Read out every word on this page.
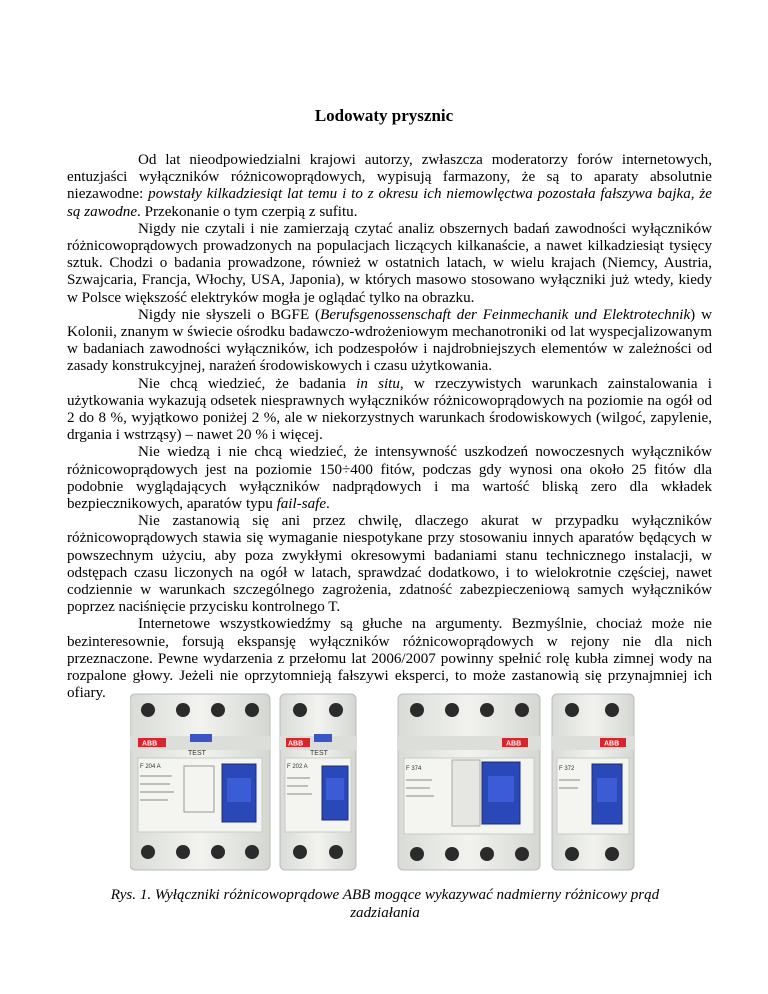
Lodowaty prysznic

Od lat nieodpowiedzialni krajowi autorzy, zwłaszcza moderatorzy forów internetowych, entuzjaści wyłączników różnicowoprądowych, wypisują farmazony, że są to aparaty absolutnie niezawodne: powstały kilkadziesiąt lat temu i to z okresu ich niemowlęctwa pozostała fałszywa bajka, że są zawodne. Przekonanie o tym czerpią z sufitu.

Nigdy nie czytali i nie zamierzają czytać analiz obszernych badań zawodności wyłączników różnicowoprądowych prowadzonych na populacjach liczących kilkanaście, a nawet kilkadziesiąt tysięcy sztuk. Chodzi o badania prowadzone, również w ostatnich latach, w wielu krajach (Niemcy, Austria, Szwajcaria, Francja, Włochy, USA, Japonia), w których masowo stosowano wyłączniki już wtedy, kiedy w Polsce większość elektryków mogła je oglądać tylko na obrazku.

Nigdy nie słyszeli o BGFE (Berufsgenossenschaft der Feinmechanik und Elektrotechnik) w Kolonii, znanym w świecie ośrodku badawczo-wdrożeniowym mechanotroniki od lat wyspecjalizowanym w badaniach zawodności wyłączników, ich podzespołów i najdrobniejszych elementów w zależności od zasady konstrukcyjnej, narażeń środowiskowych i czasu użytkowania.

Nie chcą wiedzieć, że badania in situ, w rzeczywistych warunkach zainstalowania i użytkowania wykazują odsetek niesprawnych wyłączników różnicowoprądowych na poziomie na ogół od 2 do 8 %, wyjątkowo poniżej 2 %, ale w niekorzystnych warunkach środowiskowych (wilgoć, zapylenie, drgania i wstrząsy) – nawet 20 % i więcej.

Nie wiedzą i nie chcą wiedzieć, że intensywność uszkodzeń nowoczesnych wyłączników różnicowoprądowych jest na poziomie 150÷400 fitów, podczas gdy wynosi ona około 25 fitów dla podobnie wyglądających wyłączników nadprądowych i ma wartość bliską zero dla wkładek bezpiecznikowych, aparatów typu fail-safe.

Nie zastanowią się ani przez chwilę, dlaczego akurat w przypadku wyłączników różnicowoprądowych stawia się wymaganie niespotykane przy stosowaniu innych aparatów będących w powszechnym użyciu, aby poza zwykłymi okresowymi badaniami stanu technicznego instalacji, w odstępach czasu liczonych na ogół w latach, sprawdzać dodatkowo, i to wielokrotnie częściej, nawet codziennie w warunkach szczególnego zagrożenia, zdatność zabezpieczeniową samych wyłączników poprzez naciśnięcie przycisku kontrolnego T.

Internetowe wszystkowiedźmy są głuche na argumenty. Bezmyślnie, chociaż może nie bezinteresownie, forsują ekspansję wyłączników różnicowoprądowych w rejony nie dla nich przeznaczone. Pewne wydarzenia z przełomu lat 2006/2007 powinny spełnić rolę kubła zimnej wody na rozpalone głowy. Jeżeli nie oprzytomnieją fałszywi eksperci, to może zastanowią się przynajmniej ich ofiary.

ABB
TEST
F 204 A
ABB
TEST
F 202 A
ABB
F 374
ABB
F 372
Rys. 1. Wyłączniki różnicowoprądowe ABB mogące wykazywać nadmierny różnicowy prąd zadziałania
